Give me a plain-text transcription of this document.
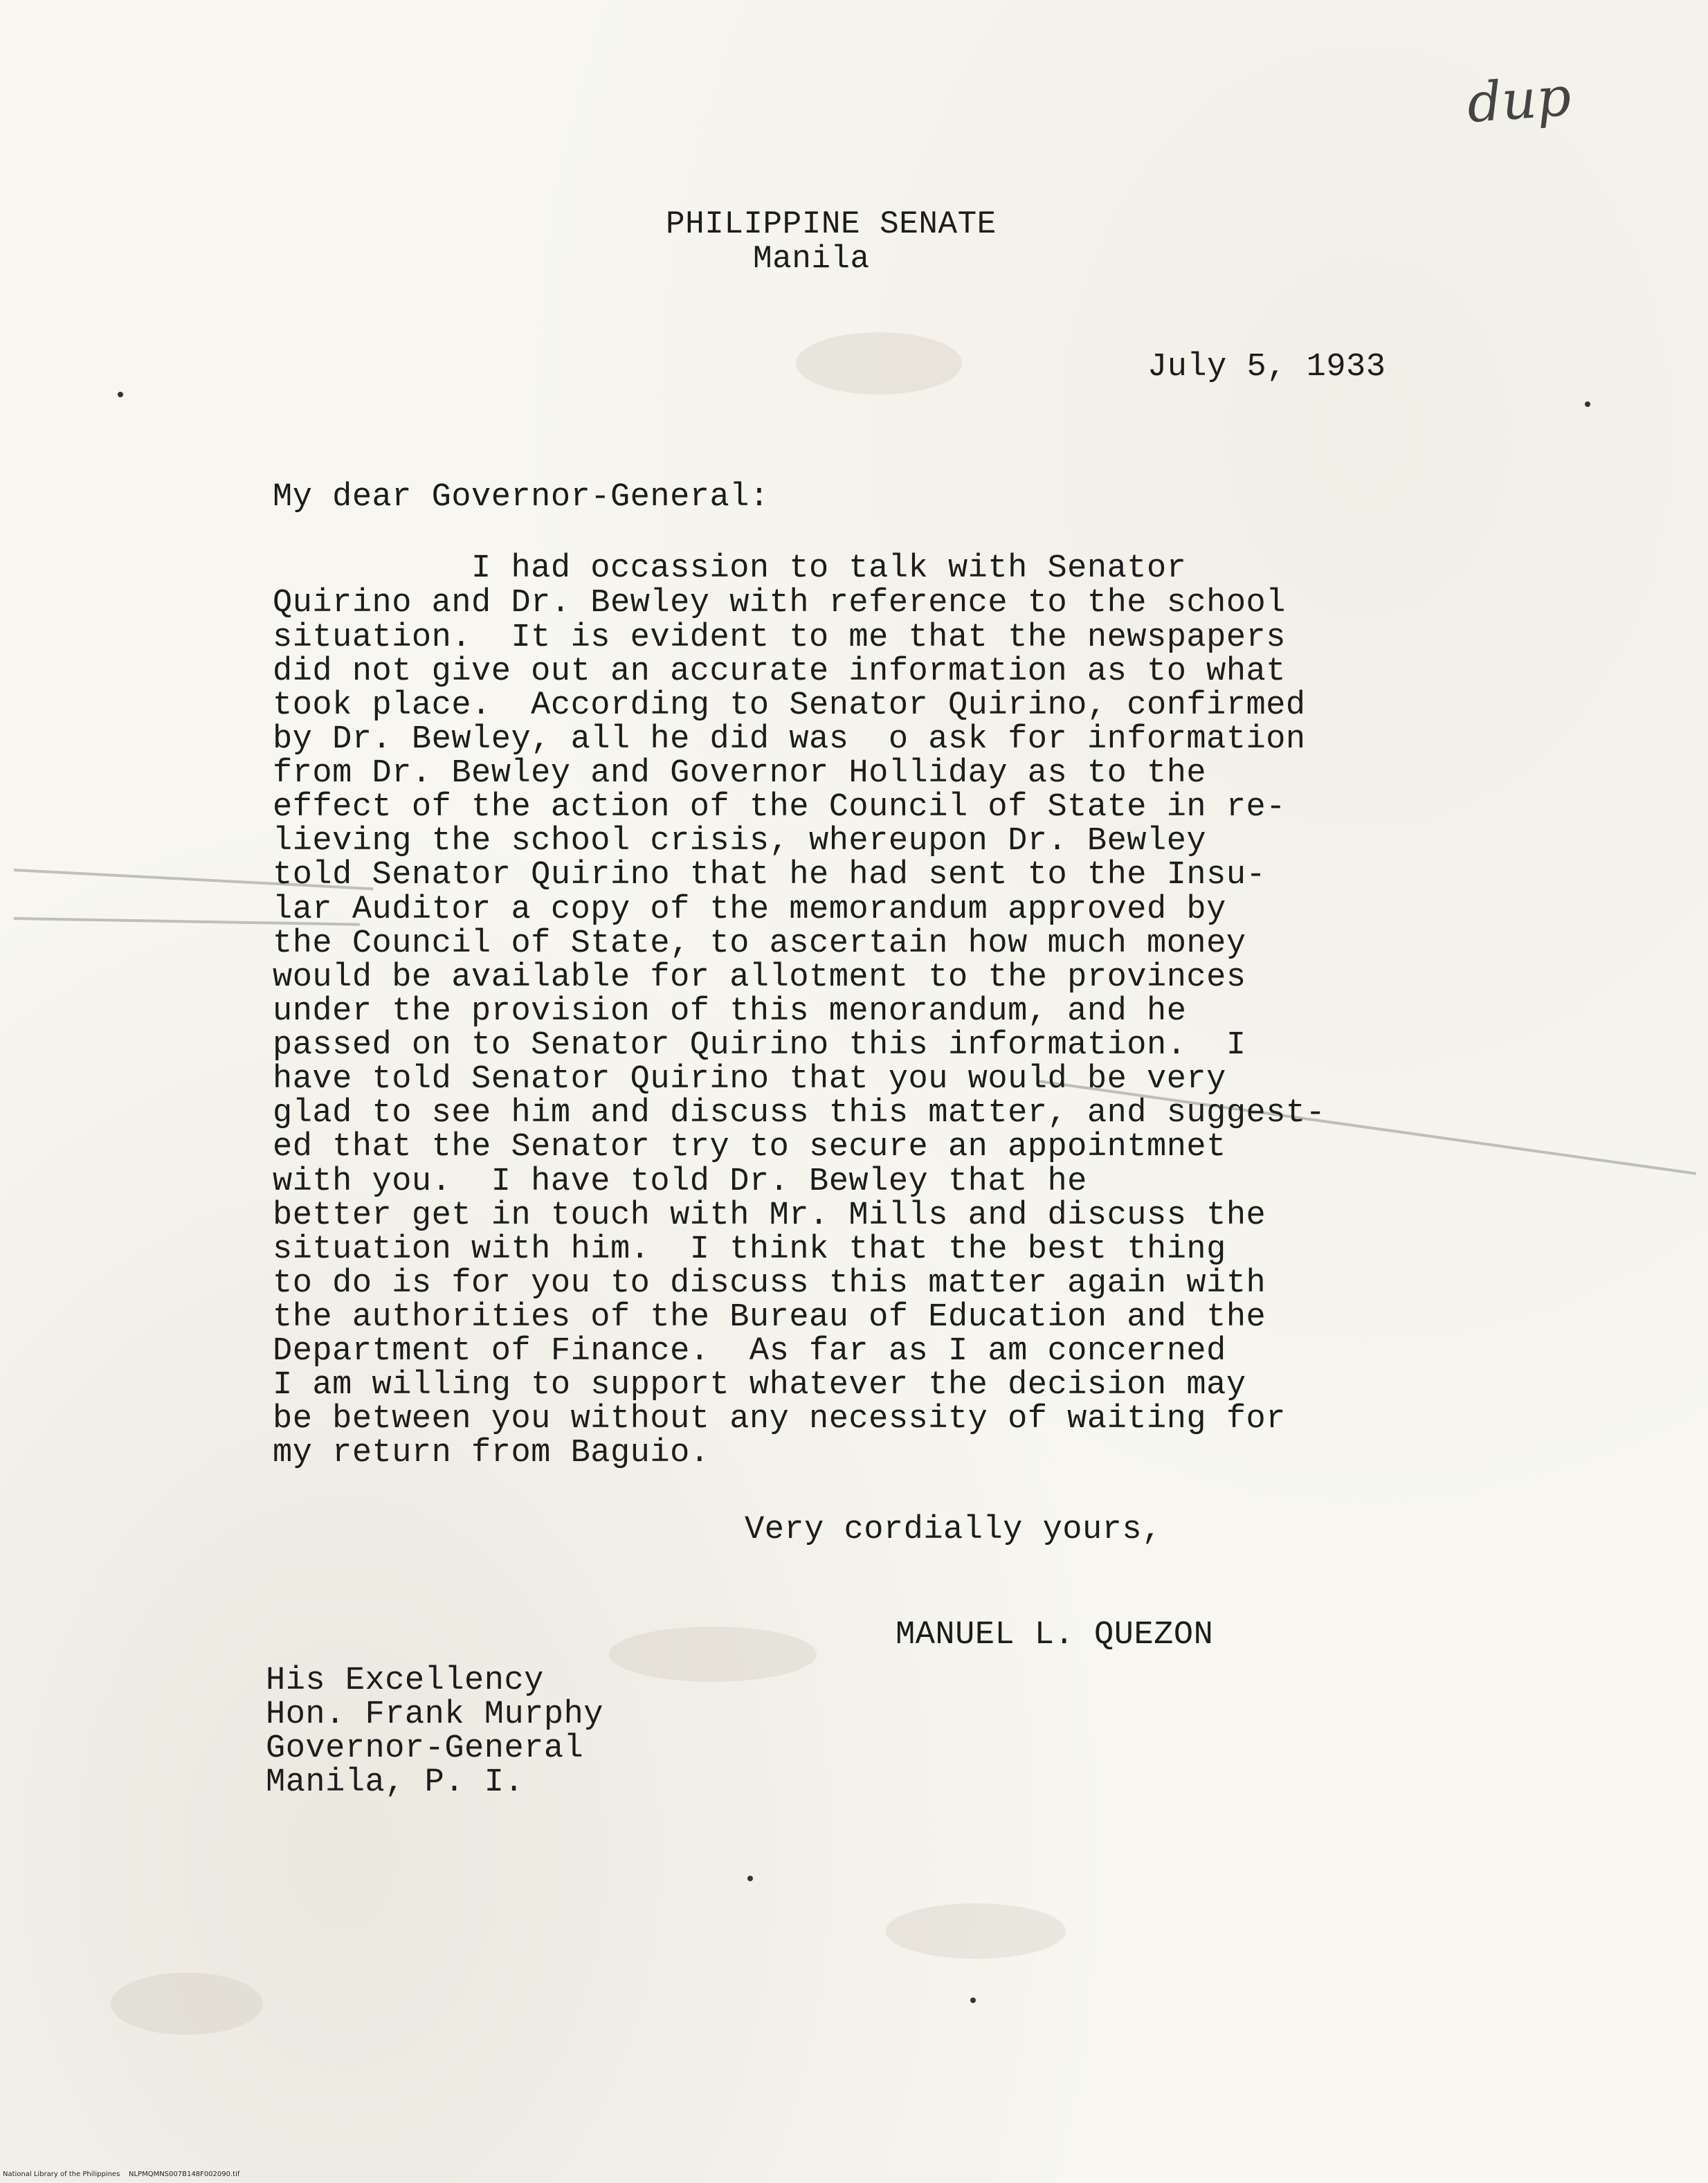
dup
PHILIPPINE SENATE
Manila
July 5, 1933
My dear Governor-General:
I had occassion to talk with Senator
Quirino and Dr. Bewley with reference to the school
situation.  It is evident to me that the newspapers
did not give out an accurate information as to what
took place.  According to Senator Quirino, confirmed
by Dr. Bewley, all he did was  o ask for information
from Dr. Bewley and Governor Holliday as to the
effect of the action of the Council of State in re-
lieving the school crisis, whereupon Dr. Bewley
told Senator Quirino that he had sent to the Insu-
lar Auditor a copy of the memorandum approved by
the Council of State, to ascertain how much money
would be available for allotment to the provinces
under the provision of this menorandum, and he
passed on to Senator Quirino this information.  I
have told Senator Quirino that you would be very
glad to see him and discuss this matter, and suggest-
ed that the Senator try to secure an appointmnet
with you.  I have told Dr. Bewley that he
better get in touch with Mr. Mills and discuss the
situation with him.  I think that the best thing
to do is for you to discuss this matter again with
the authorities of the Bureau of Education and the
Department of Finance.  As far as I am concerned
I am willing to support whatever the decision may
be between you without any necessity of waiting for
my return from Baguio.
Very cordially yours,
MANUEL L. QUEZON
His Excellency
Hon. Frank Murphy
Governor-General
Manila, P. I.
National Library of the Philippines    NLPMQMNS007B148F002090.tif
